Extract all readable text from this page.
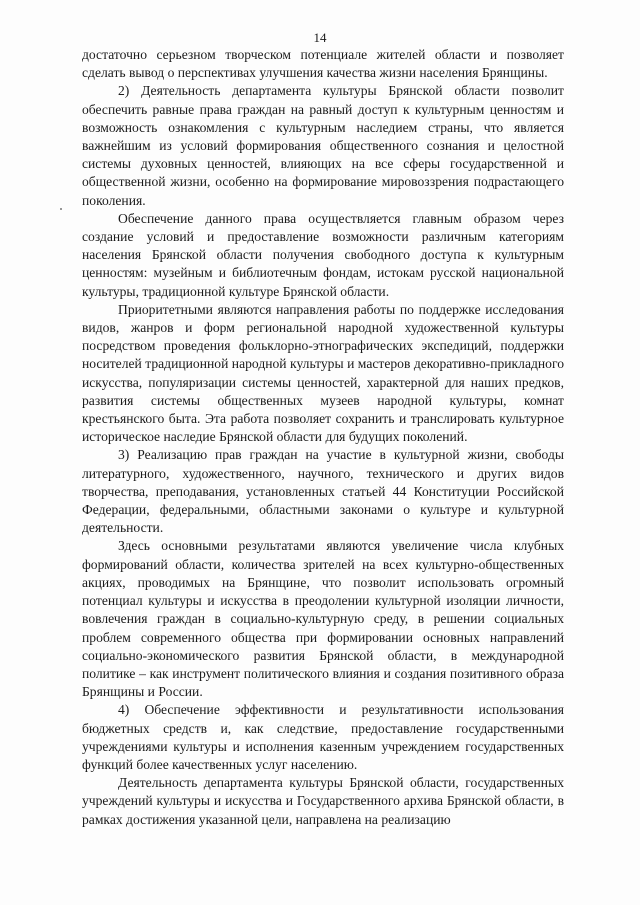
14

достаточно серьезном творческом потенциале жителей области и позволяет сделать вывод о перспективах улучшения качества жизни населения Брянщины.

2) Деятельность департамента культуры Брянской области позволит обеспечить равные права граждан на равный доступ к культурным ценностям и возможность ознакомления с культурным наследием страны, что является важнейшим из условий формирования общественного сознания и целостной системы духовных ценностей, влияющих на все сферы государственной и общественной жизни, особенно на формирование мировоззрения подрастающего поколения.

Обеспечение данного права осуществляется главным образом через создание условий и предоставление возможности различным категориям населения Брянской области получения свободного доступа к культурным ценностям: музейным и библиотечным фондам, истокам русской национальной культуры, традиционной культуре Брянской области.

Приоритетными являются направления работы по поддержке исследования видов, жанров и форм региональной народной художественной культуры посредством проведения фольклорно-этнографических экспедиций, поддержки носителей традиционной народной культуры и мастеров декоративно-прикладного искусства, популяризации системы ценностей, характерной для наших предков, развития системы общественных музеев народной культуры, комнат крестьянского быта. Эта работа позволяет сохранить и транслировать культурное историческое наследие Брянской области для будущих поколений.

3) Реализацию прав граждан на участие в культурной жизни, свободы литературного, художественного, научного, технического и других видов творчества, преподавания, установленных статьей 44 Конституции Российской Федерации, федеральными, областными законами о культуре и культурной деятельности.

Здесь основными результатами являются увеличение числа клубных формирований области, количества зрителей на всех культурно-общественных акциях, проводимых на Брянщине, что позволит использовать огромный потенциал культуры и искусства в преодолении культурной изоляции личности, вовлечения граждан в социально-культурную среду, в решении социальных проблем современного общества при формировании основных направлений социально-экономического развития Брянской области, в международной политике – как инструмент политического влияния и создания позитивного образа Брянщины и России.

4) Обеспечение эффективности и результативности использования бюджетных средств и, как следствие, предоставление государственными учреждениями культуры и исполнения казенным учреждением государственных функций более качественных услуг населению.

Деятельность департамента культуры Брянской области, государственных учреждений культуры и искусства и Государственного архива Брянской области, в рамках достижения указанной цели, направлена на реализацию
